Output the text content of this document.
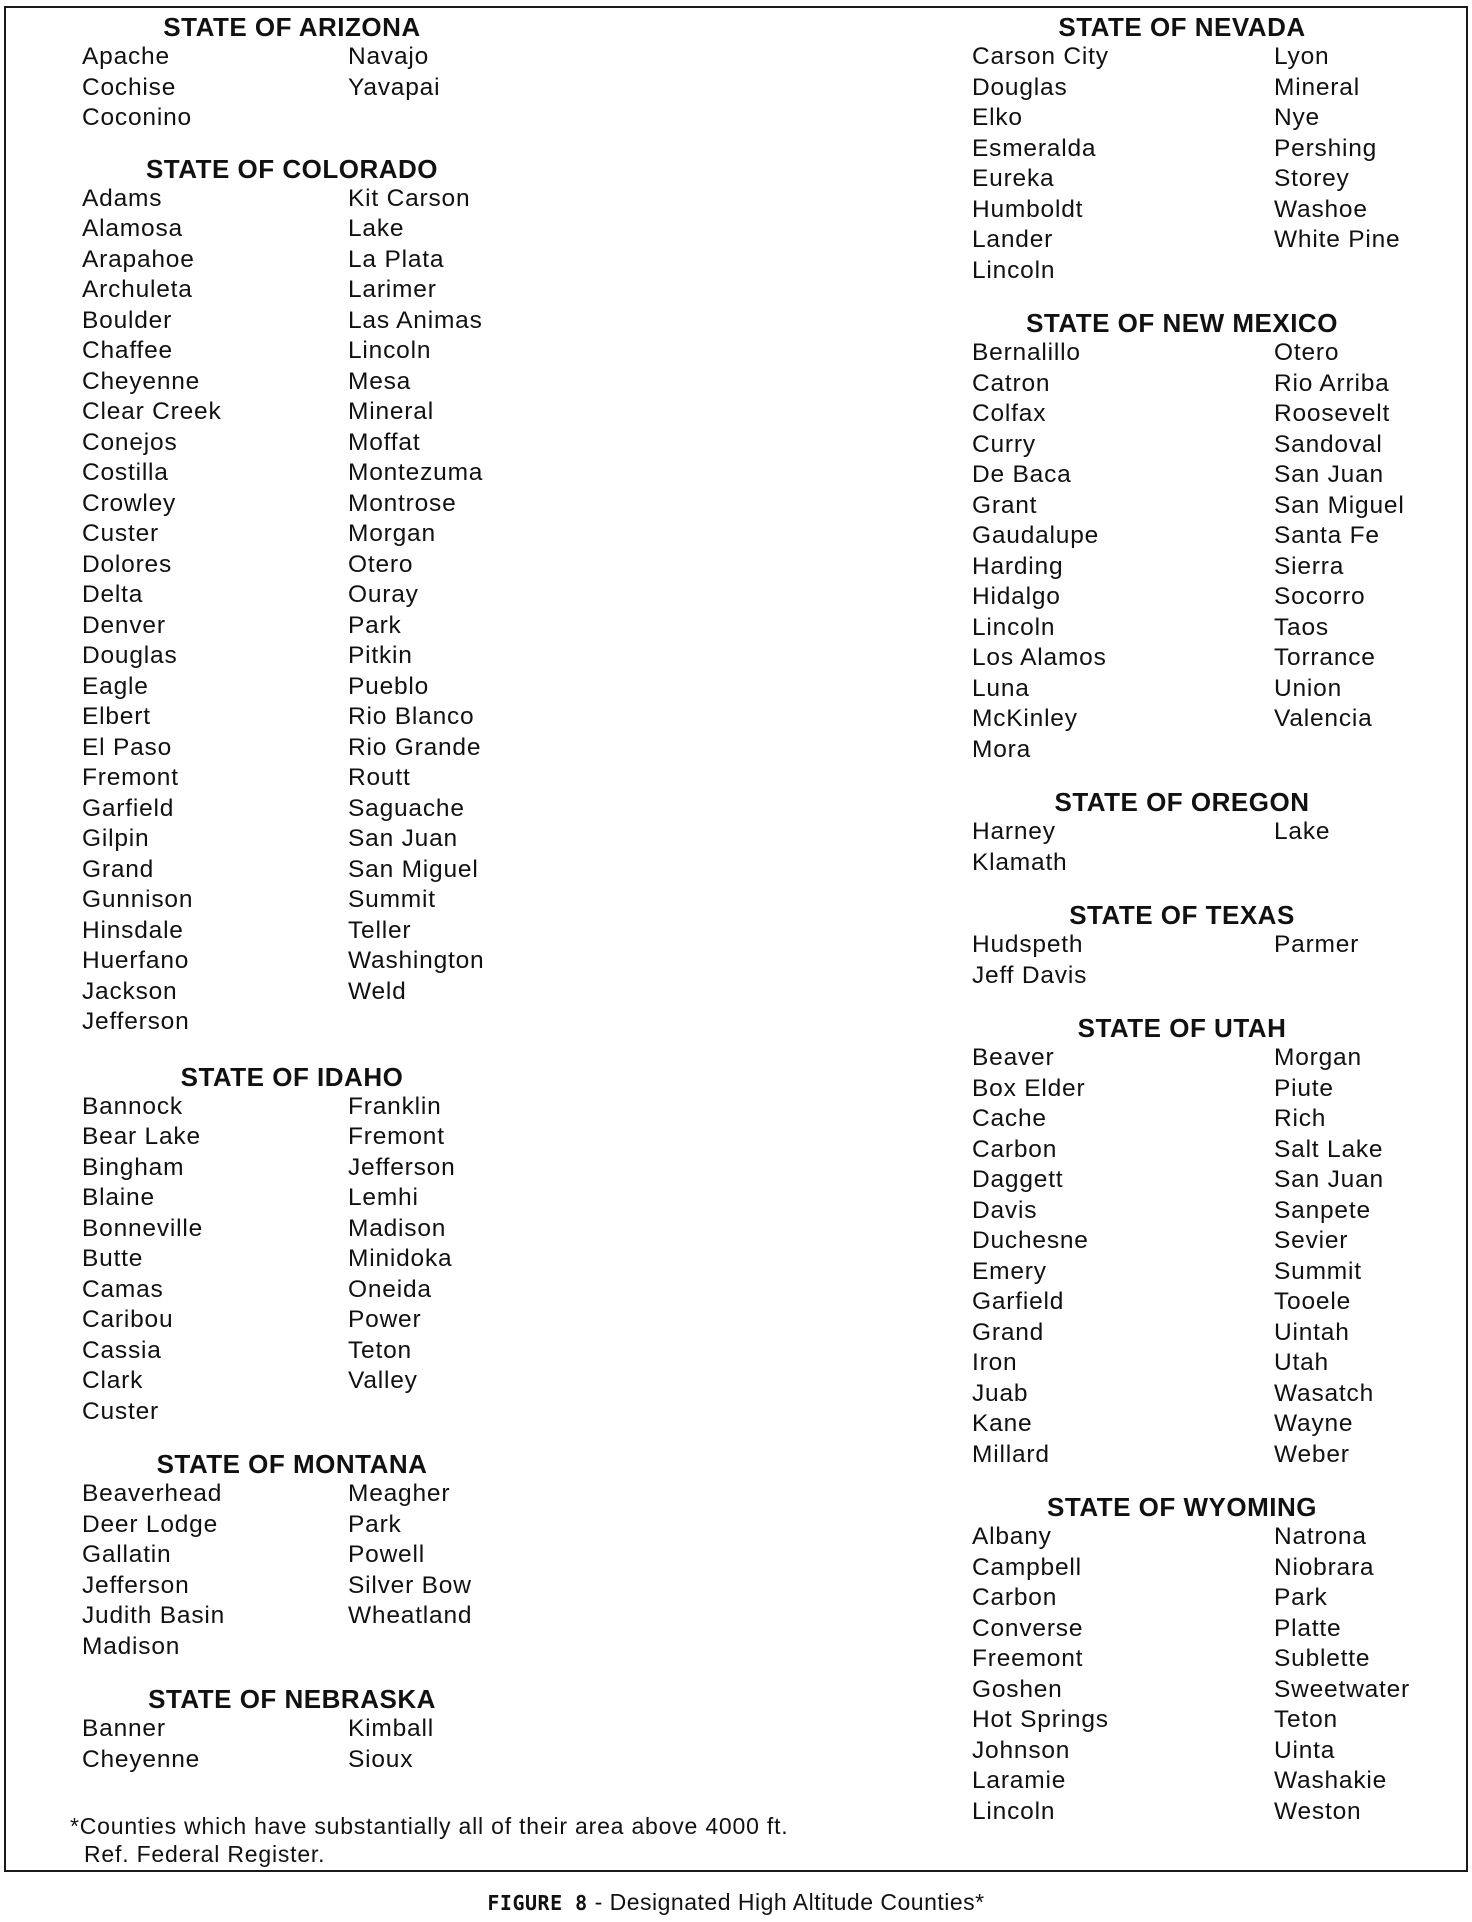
STATE OF ARIZONA
Apache
Cochise
Coconino
Navajo
Yavapai
STATE OF COLORADO
Adams
Alamosa
Arapahoe
Archuleta
Boulder
Chaffee
Cheyenne
Clear Creek
Conejos
Costilla
Crowley
Custer
Dolores
Delta
Denver
Douglas
Eagle
Elbert
El Paso
Fremont
Garfield
Gilpin
Grand
Gunnison
Hinsdale
Huerfano
Jackson
Jefferson
Kit Carson
Lake
La Plata
Larimer
Las Animas
Lincoln
Mesa
Mineral
Moffat
Montezuma
Montrose
Morgan
Otero
Ouray
Park
Pitkin
Pueblo
Rio Blanco
Rio Grande
Routt
Saguache
San Juan
San Miguel
Summit
Teller
Washington
Weld
STATE OF IDAHO
Bannock
Bear Lake
Bingham
Blaine
Bonneville
Butte
Camas
Caribou
Cassia
Clark
Custer
Franklin
Fremont
Jefferson
Lemhi
Madison
Minidoka
Oneida
Power
Teton
Valley
STATE OF MONTANA
Beaverhead
Deer Lodge
Gallatin
Jefferson
Judith Basin
Madison
Meagher
Park
Powell
Silver Bow
Wheatland
STATE OF NEBRASKA
Banner
Cheyenne
Kimball
Sioux
STATE OF NEVADA
Carson City
Douglas
Elko
Esmeralda
Eureka
Humboldt
Lander
Lincoln
Lyon
Mineral
Nye
Pershing
Storey
Washoe
White Pine
STATE OF NEW MEXICO
Bernalillo
Catron
Colfax
Curry
De Baca
Grant
Gaudalupe
Harding
Hidalgo
Lincoln
Los Alamos
Luna
McKinley
Mora
Otero
Rio Arriba
Roosevelt
Sandoval
San Juan
San Miguel
Santa Fe
Sierra
Socorro
Taos
Torrance
Union
Valencia
STATE OF OREGON
Harney
Klamath
Lake
STATE OF TEXAS
Hudspeth
Jeff Davis
Parmer
STATE OF UTAH
Beaver
Box Elder
Cache
Carbon
Daggett
Davis
Duchesne
Emery
Garfield
Grand
Iron
Juab
Kane
Millard
Morgan
Piute
Rich
Salt Lake
San Juan
Sanpete
Sevier
Summit
Tooele
Uintah
Utah
Wasatch
Wayne
Weber
STATE OF WYOMING
Albany
Campbell
Carbon
Converse
Freemont
Goshen
Hot Springs
Johnson
Laramie
Lincoln
Natrona
Niobrara
Park
Platte
Sublette
Sweetwater
Teton
Uinta
Washakie
Weston
*Counties which have substantially all of their area above 4000 ft.
Ref. Federal Register.
FIGURE 8 - Designated High Altitude Counties*
